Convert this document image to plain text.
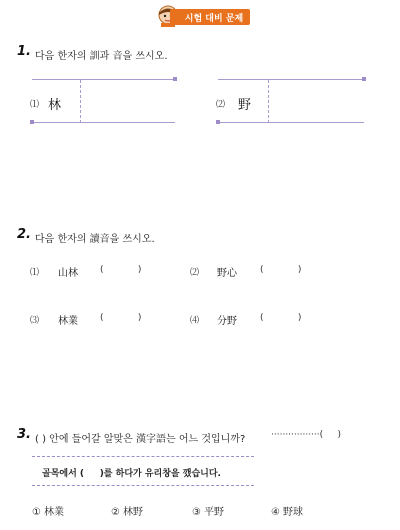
시험 대비 문제
1. 다음 한자의 訓과 音을 쓰시오.
⑴ 林	⑵ 野
2. 다음 한자의 讀音을 쓰시오.
⑴ 山林 (            )	⑵ 野心	(            )
⑶ 林業 (            )	⑷ 分野	(            )
3. ( ) 안에 들어갈 알맞은 漢字語는 어느 것입니까?	·················(     )
골목에서 (     )를 하다가 유리창을 깼습니다.
① 林業	② 林野	③ 平野	④ 野球
